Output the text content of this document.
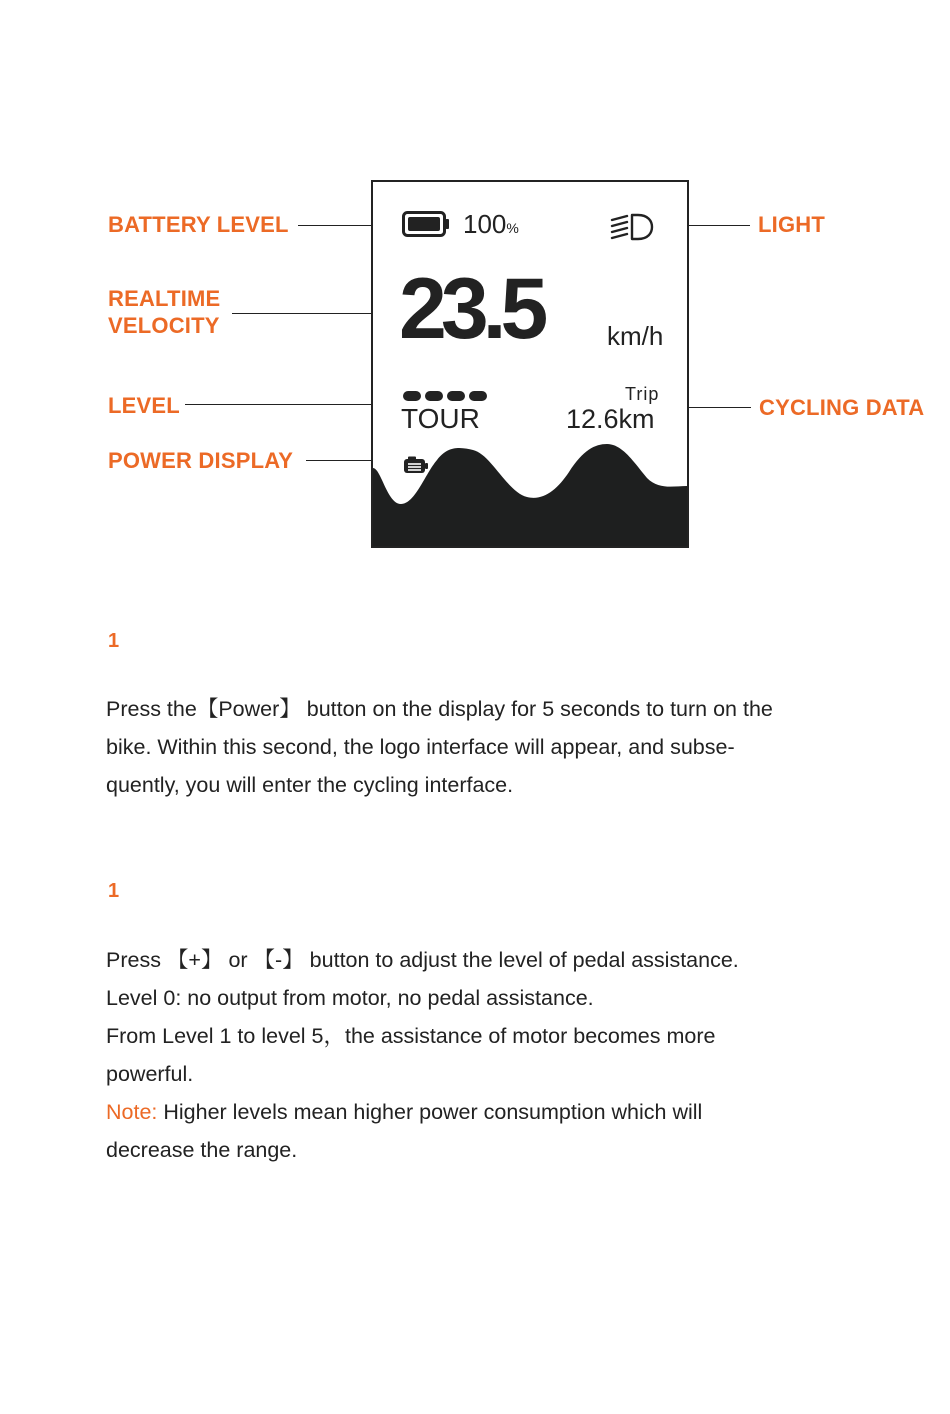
BATTERY LEVEL
REALTIME
VELOCITY
LEVEL
POWER DISPLAY
LIGHT
CYCLING DATA
100%
23.5 km/h
TOUR
Trip
12.6km
1

Press the【Power】 button on the display for 5 seconds to turn on the

bike. Within this second, the logo interface will appear, and subse-

quently, you will enter the cycling interface.

1

Press 【+】 or 【-】 button to adjust the level of pedal assistance.

Level 0: no output from motor, no pedal assistance.

From Level 1 to level 5，the assistance of motor becomes more

powerful.

Note: Higher levels mean higher power consumption which will

decrease the range.
